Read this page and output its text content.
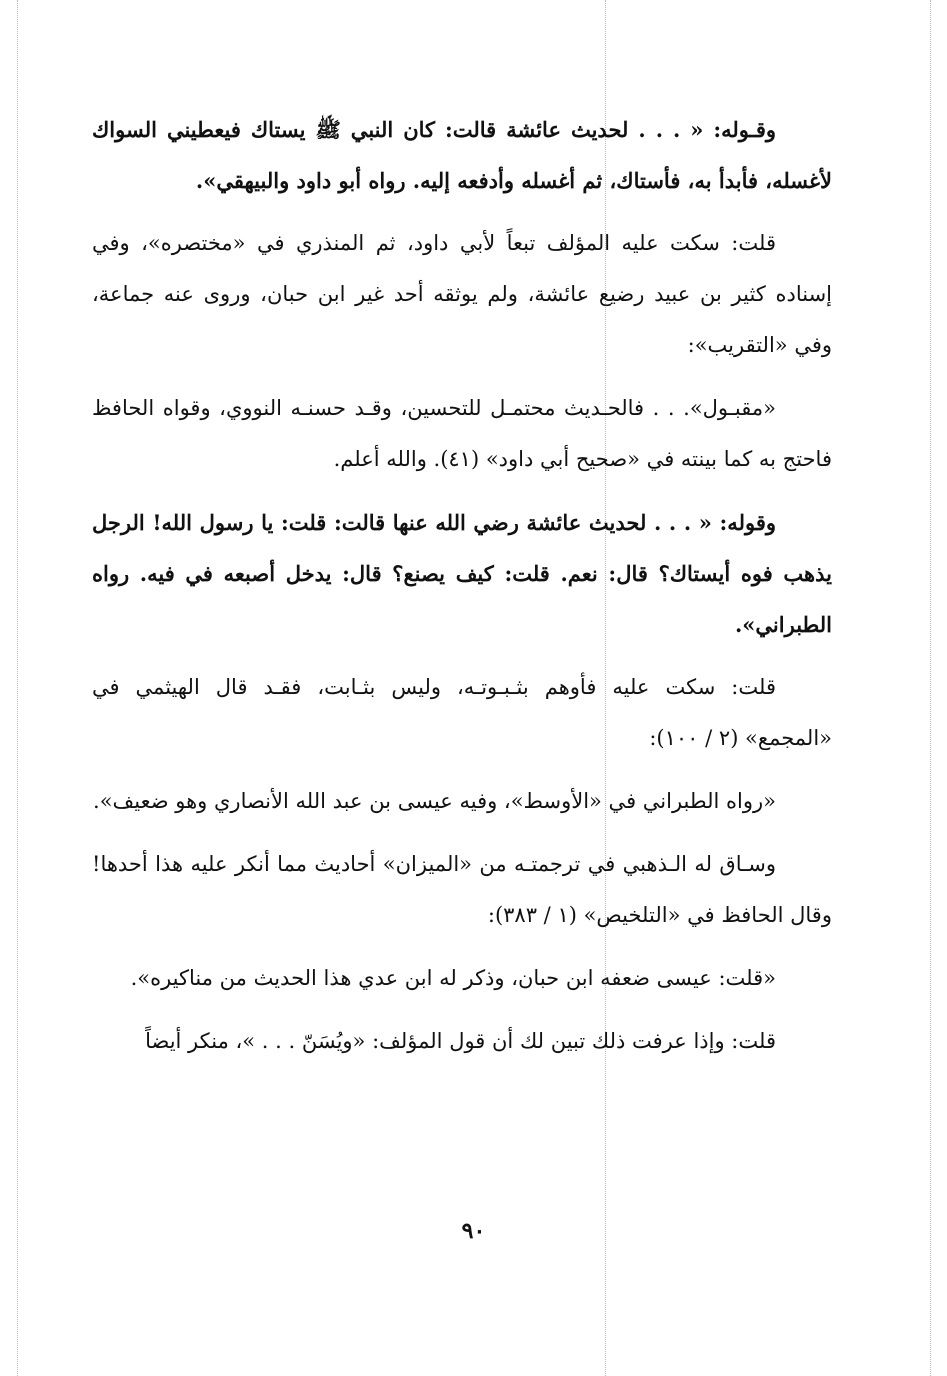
وقـوله: « . . . لحديث عائشة قالت: كان النبي ﷺ يستاك فيعطيني السواك لأغسله، فأبدأ به، فأستاك، ثم أغسله وأدفعه إليه. رواه أبو داود والبيهقي».

قلت: سكت عليه المؤلف تبعاً لأبي داود، ثم المنذري في «مختصره»، وفي إسناده كثير بن عبيد رضيع عائشة، ولم يوثقه أحد غير ابن حبان، وروى عنه جماعة، وفي «التقريب»:

«مقبـول». . . فالحـديث محتمـل للتحسين، وقـد حسنـه النووي، وقواه الحافظ فاحتج به كما بينته في «صحيح أبي داود» (٤١). والله أعلم.

وقوله: « . . . لحديث عائشة رضي الله عنها قالت: قلت: يا رسول الله! الرجل يذهب فوه أيستاك؟ قال: نعم. قلت: كيف يصنع؟ قال: يدخل أصبعه في فيه. رواه الطبراني».

قلت: سكت عليه فأوهم بثـبـوتـه، وليس بثـابت، فقـد قال الهيثمي في «المجمع» (٢ / ١٠٠):

«رواه الطبراني في «الأوسط»، وفيه عيسى بن عبد الله الأنصاري وهو ضعيف».

وسـاق له الـذهبي في ترجمتـه من «الميزان» أحاديث مما أنكر عليه هذا أحدها! وقال الحافظ في «التلخيص» (١ / ٣٨٣):

«قلت: عيسى ضعفه ابن حبان، وذكر له ابن عدي هذا الحديث من مناكيره».

قلت: وإذا عرفت ذلك تبين لك أن قول المؤلف: «ويُسَنّ . . . »، منكر أيضاً

٩٠
